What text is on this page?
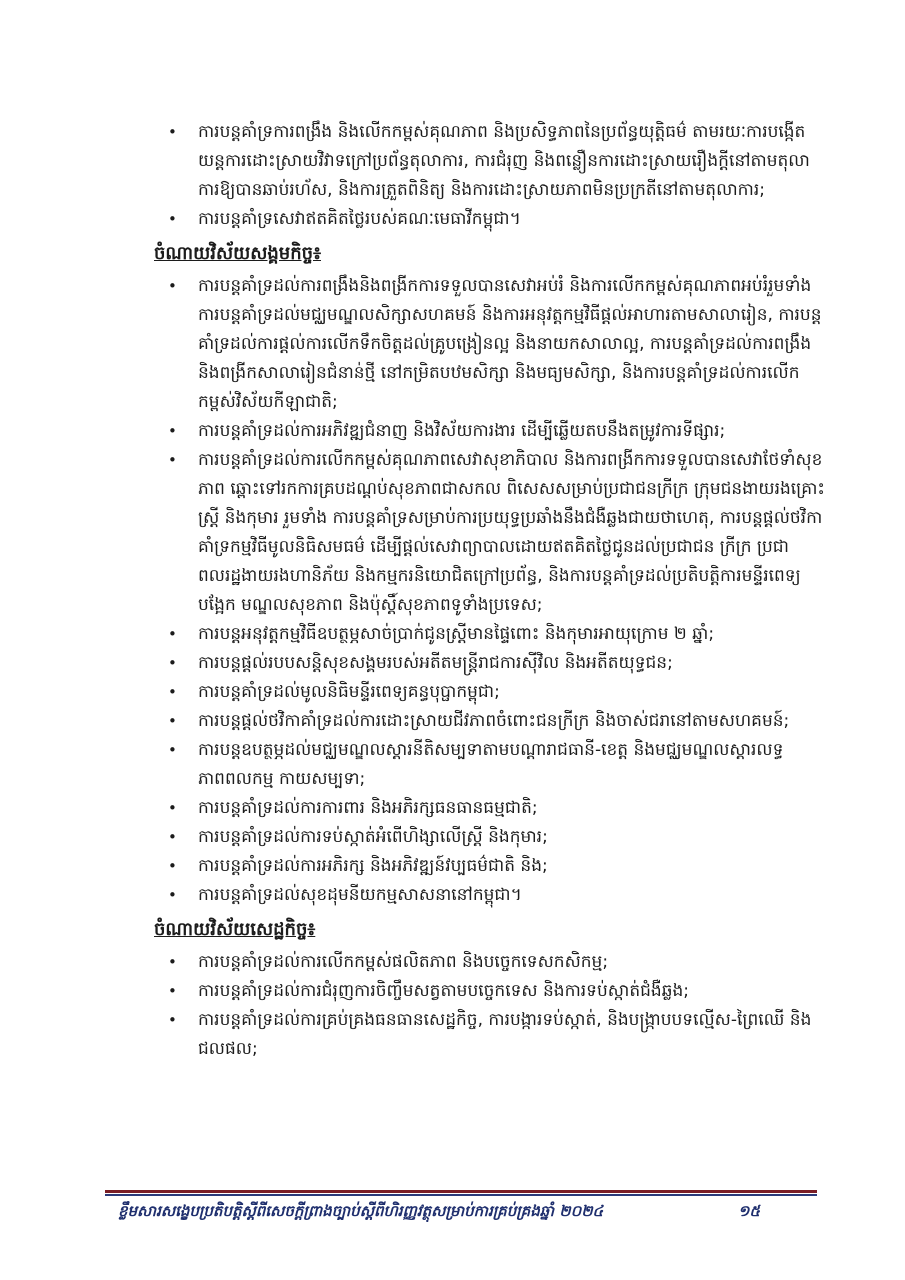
• ការបន្តគាំទ្រការពង្រឹង និងលើកកម្ពស់គុណភាព និងប្រសិទ្ធភាពនៃប្រព័ន្ធយុត្តិធម៌ តាមរយៈការបង្កើតយន្តការដោះស្រាយវិវាទក្រៅប្រព័ន្ធតុលាការ, ការជំរុញ និងពន្លឿនការដោះស្រាយរឿងក្ដីនៅតាមតុលាការឱ្យបានឆាប់រហ័ស, និងការត្រួតពិនិត្យ និងការដោះស្រាយភាពមិនប្រក្រតីនៅតាមតុលាការ;
• ការបន្តគាំទ្រសេវាឥតគិតថ្លៃរបស់គណៈមេធាវីកម្ពុជា។
ចំណាយវិស័យសង្គមកិច្ច៖
• ការបន្តគាំទ្រដល់ការពង្រឹងនិងពង្រីកការទទួលបានសេវាអប់រំ និងការលើកកម្ពស់គុណភាពអប់រំរួមទាំង ការបន្តគាំទ្រដល់មជ្ឈមណ្ឌលសិក្សាសហគមន៍ និងការអនុវត្តកម្មវិធីផ្ដល់អាហារតាមសាលារៀន, ការបន្តគាំទ្រដល់ការផ្ដល់ការលើកទឹកចិត្តដល់គ្រូបង្រៀនល្អ និងនាយកសាលាល្អ, ការបន្តគាំទ្រដល់ការពង្រឹង និងពង្រីកសាលារៀនជំនាន់ថ្មី នៅកម្រិតបឋមសិក្សា និងមធ្យមសិក្សា, និងការបន្តគាំទ្រដល់ការលើកកម្ពស់វិស័យកីឡាជាតិ;
• ការបន្តគាំទ្រដល់ការអភិវឌ្ឍជំនាញ និងវិស័យការងារ ដើម្បីឆ្លើយតបនឹងតម្រូវការទីផ្សារ;
• ការបន្តគាំទ្រដល់ការលើកកម្ពស់គុណភាពសេវាសុខាភិបាល និងការពង្រីកការទទួលបានសេវាថែទាំសុខភាព ឆ្ពោះទៅរកការគ្របដណ្ដប់សុខភាពជាសកល ពិសេសសម្រាប់ប្រជាជនក្រីក្រ ក្រុមជនងាយរងគ្រោះ ស្ត្រី និងកុមារ រួមទាំង ការបន្តគាំទ្រសម្រាប់ការប្រយុទ្ធប្រឆាំងនឹងជំងឺឆ្លងជាយថាហេតុ, ការបន្តផ្ដល់ថវិកាគាំទ្រកម្មវិធីមូលនិធិសមធម៌ ដើម្បីផ្ដល់សេវាព្យាបាលដោយឥតគិតថ្លៃជូនដល់ប្រជាជន ក្រីក្រ ប្រជាពលរដ្ឋងាយរងហានិភ័យ និងកម្មករនិយោជិតក្រៅប្រព័ន្ធ, និងការបន្តគាំទ្រដល់ប្រតិបត្តិការមន្ទីរពេទ្យបង្អែក មណ្ឌលសុខភាព និងប៉ុស្តិ៍សុខភាពទូទាំងប្រទេស;
• ការបន្តអនុវត្តកម្មវិធីឧបត្ថម្ភសាច់ប្រាក់ជូនស្ត្រីមានផ្ទៃពោះ និងកុមារអាយុក្រោម ២ ឆ្នាំ;
• ការបន្តផ្ដល់របបសន្តិសុខសង្គមរបស់អតីតមន្ត្រីរាជការស៊ីវិល និងអតីតយុទ្ធជន;
• ការបន្តគាំទ្រដល់មូលនិធិមន្ទីរពេទ្យគន្ធបុប្ផាកម្ពុជា;
• ការបន្តផ្ដល់ថវិកាគាំទ្រដល់ការដោះស្រាយជីវភាពចំពោះជនក្រីក្រ និងចាស់ជរានៅតាមសហគមន៍;
• ការបន្តឧបត្ថម្ភដល់មជ្ឈមណ្ឌលស្ដារនីតិសម្បទាតាមបណ្ដារាជធានី-ខេត្ត និងមជ្ឈមណ្ឌលស្ដារលទ្ធភាពពលកម្ម កាយសម្បទា;
• ការបន្តគាំទ្រដល់ការការពារ និងអភិរក្សធនធានធម្មជាតិ;
• ការបន្តគាំទ្រដល់ការទប់ស្កាត់អំពើហិង្សាលើស្ត្រី និងកុមារ;
• ការបន្តគាំទ្រដល់ការអភិរក្ស និងអភិវឌ្ឍន៍វប្បធម៌ជាតិ និង;
• ការបន្តគាំទ្រដល់សុខដុមនីយកម្មសាសនានៅកម្ពុជា។
ចំណាយវិស័យសេដ្ឋកិច្ច៖
• ការបន្តគាំទ្រដល់ការលើកកម្ពស់ផលិតភាព និងបច្ចេកទេសកសិកម្ម;
• ការបន្តគាំទ្រដល់ការជំរុញការចិញ្ចឹមសត្វតាមបច្ចេកទេស និងការទប់ស្កាត់ជំងឺឆ្លង;
• ការបន្តគាំទ្រដល់ការគ្រប់គ្រងធនធានសេដ្ឋកិច្ច, ការបង្ការទប់ស្កាត់, និងបង្ក្រាបបទល្មើស-ព្រៃឈើ និងជលផល;
ខ្លឹមសារសង្ខេបប្រតិបត្តិស្ដីពីសេចក្ដីព្រាងច្បាប់ស្ដីពីហិរញ្ញវត្ថុសម្រាប់ការគ្រប់គ្រងឆ្នាំ ២០២៤	១៥
